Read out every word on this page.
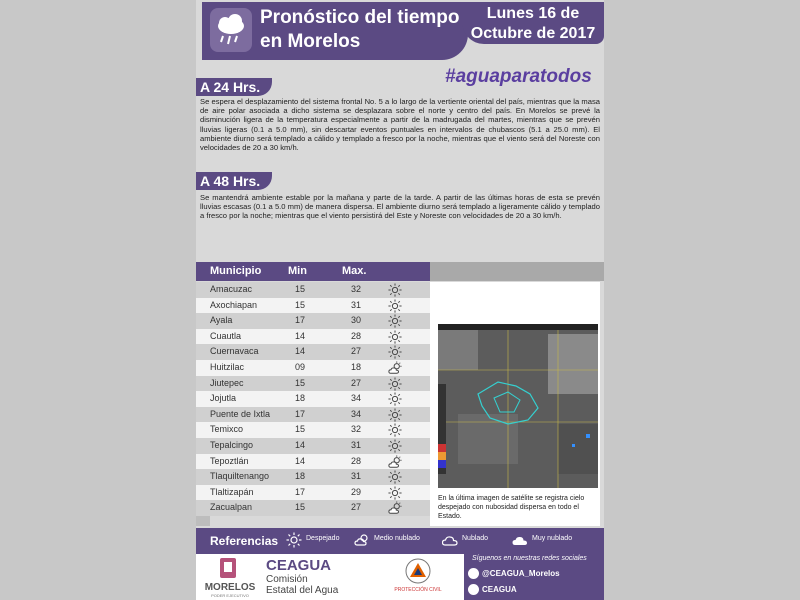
Pronóstico del tiempo
en Morelos
Lunes 16 de
Octubre de 2017
#aguaparatodos
A 24 Hrs.
Se espera el desplazamiento del sistema frontal No. 5 a lo largo de la vertiente oriental del país, mientras que la masa de aire polar asociada a dicho sistema se desplazara sobre el norte y centro del país. En Morelos se prevé la disminución ligera de la temperatura especialmente a partir de la madrugada del martes, mientras que se prevén lluvias ligeras (0.1 a 5.0 mm), sin descartar eventos puntuales en intervalos de chubascos (5.1 a 25.0 mm). El ambiente diurno será templado a cálido y templado a fresco por la noche, mientras que el viento será del Noreste con velocidades de 20 a 30 km/h.
A 48 Hrs.
Se mantendrá ambiente estable por la mañana y parte de la tarde. A partir de las últimas horas de esta se prevén lluvias escasas (0.1 a 5.0 mm) de manera dispersa. El ambiente diurno será templado a ligeramente cálido y templado a fresco por la noche; mientras que el viento persistirá del Este y Noreste con velocidades de 20 a 30 km/h.
Municipio Min	Max.
Amacuzac	15	32
Axochiapan	15	31
Ayala	17	30
Cuautla	14	28
Cuernavaca	14	27
Huitzilac	09	18
Jiutepec	15	27
Jojutla	18	34
Puente de Ixtla	17	34
Temixco	15	32
Tepalcingo	14	31
Tepoztlán	14	28
Tlaquiltenango	18	31
Tlaltizapán	17	29
Zacualpan	15	27
En la última imagen de satélite se registra cielo despejado con nubosidad dispersa en todo el Estado.
Referencias	Despejado	Medio nublado	Nublado	Muy nublado
MORELOS
PODER EJECUTIVO
CEAGUA
Comisión
Estatal del Agua	PROTECCIÓN CIVIL
Síguenos en nuestras redes sociales
@CEAGUA_Morelos
CEAGUA
